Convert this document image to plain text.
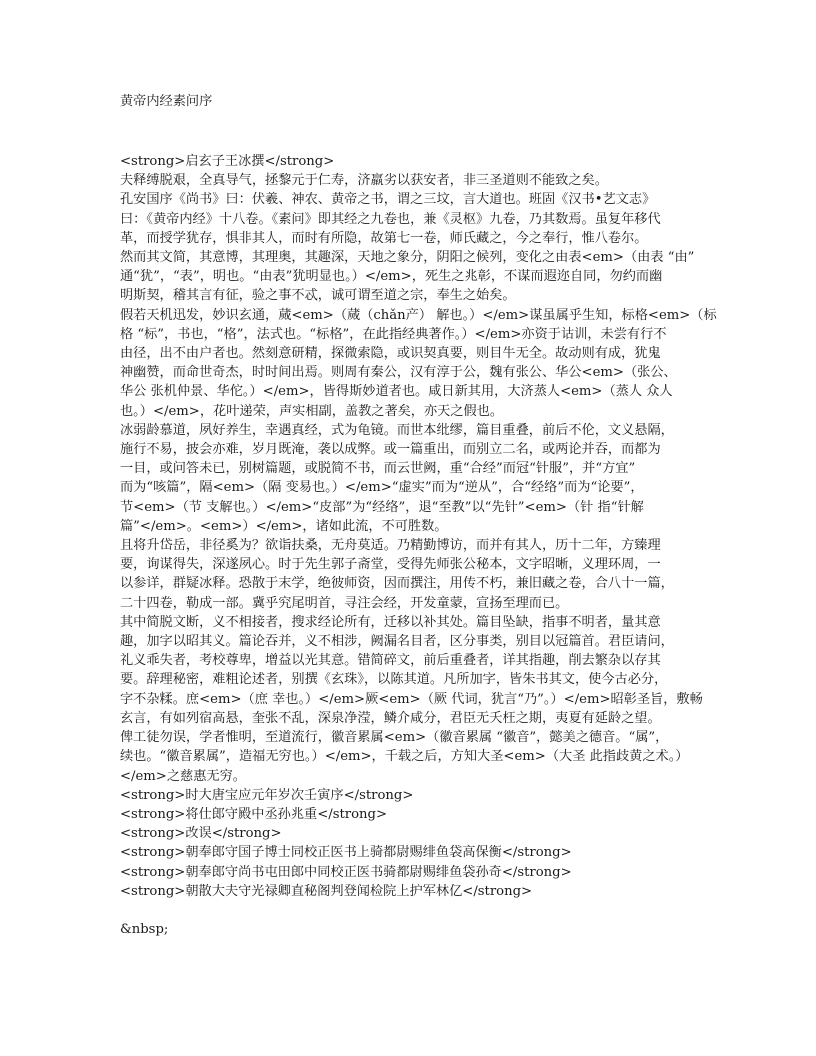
黄帝内经素问序
<strong>启玄子王冰撰</strong>
夫释缚脱艰，全真导气，拯黎元于仁寿，济羸劣以获安者，非三圣道则不能致之矣。
孔安国序《尚书》曰：伏羲、神农、黄帝之书，谓之三坟，言大道也。班固《汉书•艺文志》
曰：《黄帝内经》十八卷。《素问》即其经之九卷也，兼《灵枢》九卷，乃其数焉。虽复年移代
革，而授学犹存，惧非其人，而时有所隐，故第七一卷，师氏藏之，今之奉行，惟八卷尔。
然而其文简，其意博，其理奥，其趣深，天地之象分，阴阳之候列，变化之由表<em>（由表 “由”
通“犹”，“表”，明也。“由表”犹明显也。）</em>，死生之兆彰，不谋而遐迩自同，勿约而幽
明斯契，稽其言有征，验之事不忒，诚可谓至道之宗，奉生之始矣。
假若天机迅发，妙识玄通，蒇<em>（蒇（chǎn产） 解也。）</em>谋虽属乎生知，标格<em>（标
格 “标”，书也，“格”，法式也。“标格”，在此指经典著作。）</em>亦资于诂训，未尝有行不
由径，出不由户者也。然刻意研精，探微索隐，或识契真要，则目牛无全。故动则有成，犹鬼
神幽赞，而命世奇杰，时时间出焉。则周有秦公，汉有淳于公，魏有张公、华公<em>（张公、
华公 张机仲景、华佗。）</em>，皆得斯妙道者也。咸日新其用，大济蒸人<em>（蒸人 众人
也。）</em>，花叶递荣，声实相副，盖教之著矣，亦天之假也。
冰弱龄慕道，夙好养生，幸遇真经，式为龟镜。而世本纰缪，篇目重叠，前后不伦，文义悬隔，
施行不易，披会亦难，岁月既淹，袭以成弊。或一篇重出，而别立二名，或两论并吞，而都为
一目，或问答未已，别树篇题，或脱简不书，而云世阙，重“合经”而冠“针服”，并“方宜”
而为“咳篇”，隔<em>（隔 变易也。）</em>“虚实”而为“逆从”，合“经络”而为“论要”，
节<em>（节 支解也。）</em>“皮部”为“经络”，退“至教”以“先针”<em>（针 指“针解
篇”</em>。<em>）</em>，诸如此流，不可胜数。
且将升岱岳，非径奚为？欲诣扶桑，无舟莫适。乃精勤博访，而并有其人，历十二年，方臻理
要，询谋得失，深遂夙心。时于先生郭子斋堂，受得先师张公秘本，文字昭晰，义理环周，一
以参详，群疑冰释。恐散于末学，绝彼师资，因而撰注，用传不朽，兼旧藏之卷，合八十一篇，
二十四卷，勒成一部。冀乎究尾明首，寻注会经，开发童蒙，宣扬至理而已。
其中简脱文断，义不相接者，搜求经论所有，迁移以补其处。篇目坠缺，指事不明者，量其意
趣，加字以昭其义。篇论吞并，义不相涉，阙漏名目者，区分事类，别目以冠篇首。君臣请问，
礼义乖失者，考校尊卑，增益以光其意。错简碎文，前后重叠者，详其指趣，削去繁杂以存其
要。辞理秘密，难粗论述者，别撰《玄珠》，以陈其道。凡所加字，皆朱书其文，使今古必分，
字不杂糅。庶<em>（庶 幸也。）</em>厥<em>（厥 代词，犹言“乃”。）</em>昭彰圣旨，敷畅
玄言，有如列宿高悬，奎张不乱，深泉净滢，鳞介咸分，君臣无夭枉之期，夷夏有延龄之望。
俾工徒勿误，学者惟明，至道流行，徽音累属<em>（徽音累属 “徽音”，懿美之德音。“属”，
续也。“徽音累属”，造福无穷也。）</em>，千载之后，方知大圣<em>（大圣 此指歧黄之术。）
</em>之慈惠无穷。
<strong>时大唐宝应元年岁次壬寅序</strong>
<strong>将仕郎守殿中丞孙兆重</strong>
<strong>改误</strong>
<strong>朝奉郎守国子博士同校正医书上骑都尉赐绯鱼袋高保衡</strong>
<strong>朝奉郎守尚书屯田郎中同校正医书骑都尉赐绯鱼袋孙奇</strong>
<strong>朝散大夫守光禄卿直秘阁判登闻检院上护军林亿</strong>
&nbsp;
